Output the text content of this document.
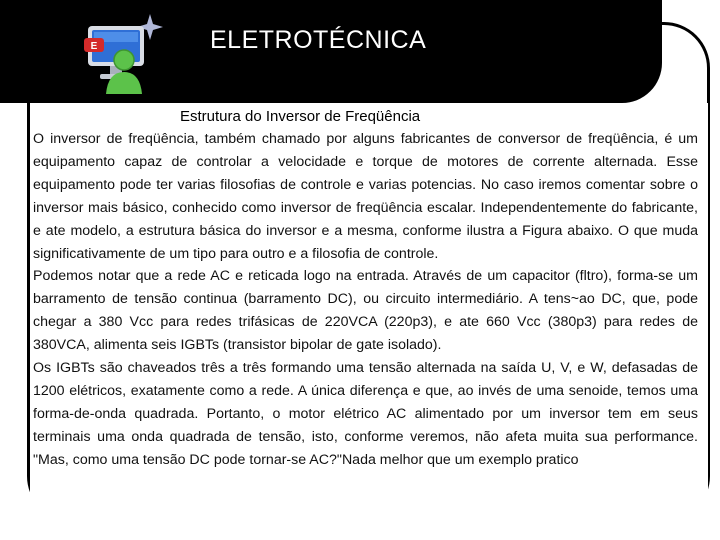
E	ELETROTÉCNICA
Estrutura do Inversor de Freqüência

O inversor de freqüência, também chamado por alguns fabricantes de conversor de freqüência, é um equipamento capaz de controlar a velocidade e torque de motores de corrente alternada. Esse equipamento pode ter varias filosofias de controle e varias potencias. No caso iremos comentar sobre o inversor mais básico, conhecido como inversor de freqüência escalar. Independentemente do fabricante, e ate modelo, a estrutura básica do inversor e a mesma, conforme ilustra a Figura abaixo. O que muda significativamente de um tipo para outro e a filosofia de controle.

Podemos notar que a rede AC e reticada logo na entrada. Através de um capacitor (fltro), forma-se um barramento de tensão continua (barramento DC), ou circuito intermediário. A tens~ao DC, que, pode chegar a 380 Vcc para redes trifásicas de 220VCA (220p3), e ate 660 Vcc (380p3) para redes de 380VCA, alimenta seis IGBTs (transistor bipolar de gate isolado).

Os IGBTs são chaveados três a três formando uma tensão alternada na saída U, V, e W, defasadas de 1200 elétricos, exatamente como a rede. A única diferença e que, ao invés de uma senoide, temos uma forma-de-onda quadrada. Portanto, o motor elétrico AC alimentado por um inversor tem em seus terminais uma onda quadrada de tensão, isto, conforme veremos, não afeta muita sua performance. "Mas, como uma tensão DC pode tornar-se AC?"Nada melhor que um exemplo pratico
